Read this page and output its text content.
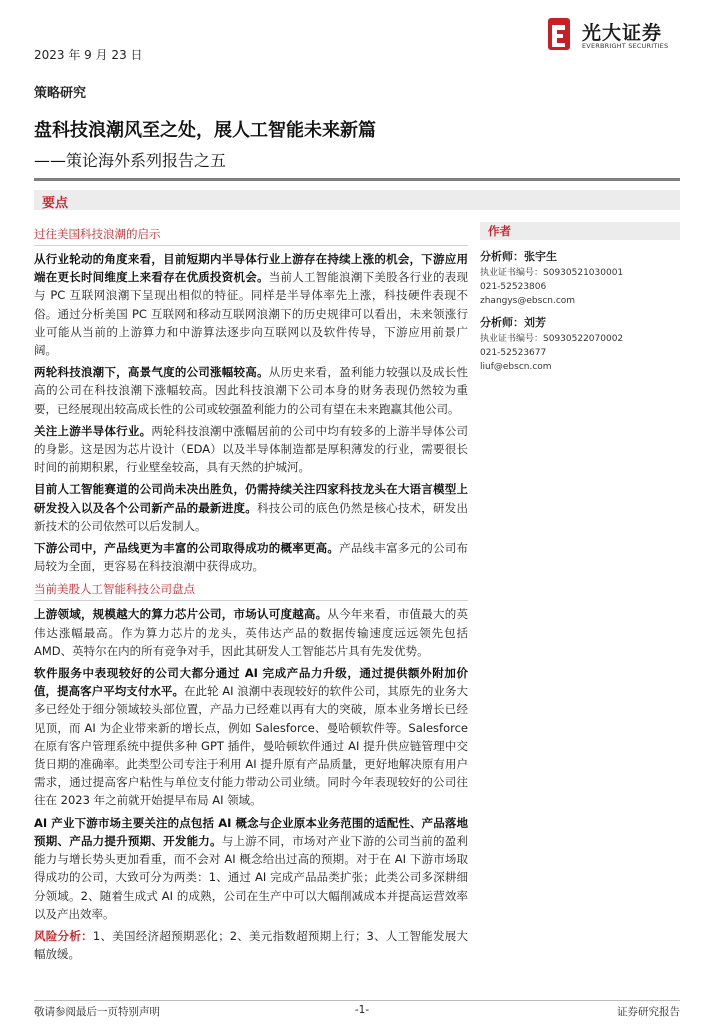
光大证券
EVERBRIGHT SECURITIES
2023 年 9 月 23 日
策略研究
盘科技浪潮风至之处，展人工智能未来新篇
——策论海外系列报告之五
要点
过往美国科技浪潮的启示

从行业轮动的角度来看，目前短期内半导体行业上游存在持续上涨的机会，下游应用端在更长时间维度上来看存在优质投资机会。当前人工智能浪潮下美股各行业的表现与 PC 互联网浪潮下呈现出相似的特征。同样是半导体率先上涨，科技硬件表现不俗。通过分析美国 PC 互联网和移动互联网浪潮下的历史规律可以看出，未来领涨行业可能从当前的上游算力和中游算法逐步向互联网以及软件传导，下游应用前景广阔。

两轮科技浪潮下，高景气度的公司涨幅较高。从历史来看，盈利能力较强以及成长性高的公司在科技浪潮下涨幅较高。因此科技浪潮下公司本身的财务表现仍然较为重要，已经展现出较高成长性的公司或较强盈利能力的公司有望在未来跑赢其他公司。

关注上游半导体行业。两轮科技浪潮中涨幅居前的公司中均有较多的上游半导体公司的身影。这是因为芯片设计（EDA）以及半导体制造都是厚积薄发的行业，需要很长时间的前期积累，行业壁垒较高，具有天然的护城河。

目前人工智能赛道的公司尚未决出胜负，仍需持续关注四家科技龙头在大语言模型上研发投入以及各个公司新产品的最新进度。科技公司的底色仍然是核心技术，研发出新技术的公司依然可以后发制人。

下游公司中，产品线更为丰富的公司取得成功的概率更高。产品线丰富多元的公司布局较为全面，更容易在科技浪潮中获得成功。

当前美股人工智能科技公司盘点

上游领域，规模越大的算力芯片公司，市场认可度越高。从今年来看，市值最大的英伟达涨幅最高。作为算力芯片的龙头，英伟达产品的数据传输速度远远领先包括 AMD、英特尔在内的所有竞争对手，因此其研发人工智能芯片具有先发优势。

软件服务中表现较好的公司大都分通过 AI 完成产品力升级，通过提供额外附加价值，提高客户平均支付水平。在此轮 AI 浪潮中表现较好的软件公司，其原先的业务大多已经处于细分领域较头部位置，产品力已经难以再有大的突破，原本业务增长已经见顶，而 AI 为企业带来新的增长点，例如 Salesforce、曼哈顿软件等。Salesforce 在原有客户管理系统中提供多种 GPT 插件，曼哈顿软件通过 AI 提升供应链管理中交货日期的准确率。此类型公司专注于利用 AI 提升原有产品质量，更好地解决原有用户需求，通过提高客户粘性与单位支付能力带动公司业绩。同时今年表现较好的公司往往在 2023 年之前就开始提早布局 AI 领域。

AI 产业下游市场主要关注的点包括 AI 概念与企业原本业务范围的适配性、产品落地预期、产品力提升预期、开发能力。与上游不同，市场对产业下游的公司当前的盈利能力与增长势头更加看重，而不会对 AI 概念给出过高的预期。对于在 AI 下游市场取得成功的公司，大致可分为两类：1、通过 AI 完成产品品类扩张；此类公司多深耕细分领域。2、随着生成式 AI 的成熟，公司在生产中可以大幅削减成本并提高运营效率以及产出效率。

风险分析：1、美国经济超预期恶化；2、美元指数超预期上行；3、人工智能发展大幅放缓。

作者
分析师：张宇生
执业证书编号：S0930521030001
021-52523806
zhangys@ebscn.com
分析师：刘芳
执业证书编号：S0930522070002
021-52523677
liuf@ebscn.com
-1-
敬请参阅最后一页特别声明	证券研究报告
